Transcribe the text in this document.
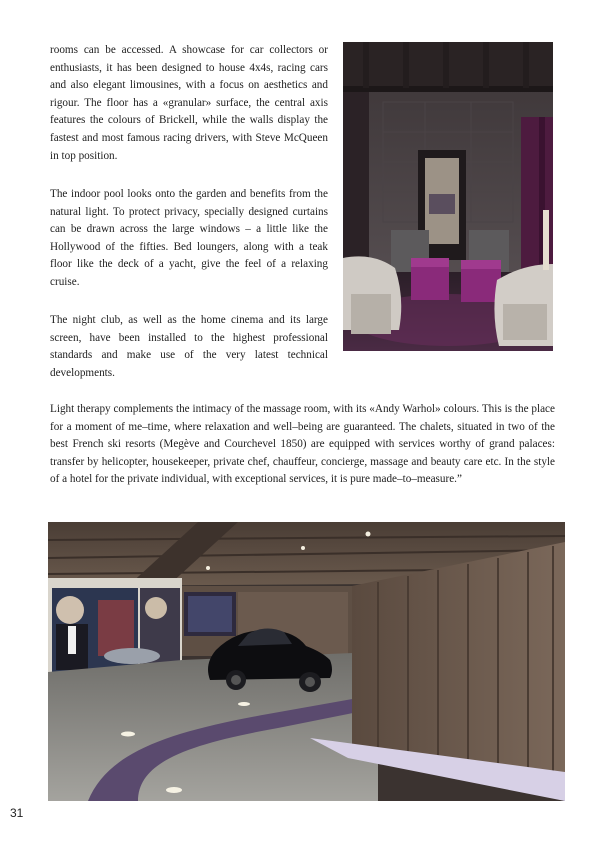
rooms can be accessed. A showcase for car collectors or enthusiasts, it has been designed to house 4x4s, racing cars and also elegant limousines, with a focus on aesthetics and rigour. The floor has a «granular» surface, the central axis features the colours of Brickell, while the walls display the fastest and most famous racing drivers, with Steve McQueen in top position.

The indoor pool looks onto the garden and benefits from the natural light. To protect privacy, specially designed curtains can be drawn across the large windows – a little like the Hollywood of the fifties. Bed loungers, along with a teak floor like the deck of a yacht, give the feel of a relaxing cruise.

The night club, as well as the home cinema and its large screen, have been installed to the highest professional standards and make use of the very latest technical developments.

Light therapy complements the intimacy of the massage room, with its «Andy Warhol» colours. This is the place for a moment of me–time, where relaxation and well–being are guaranteed. The chalets, situated in two of the best French ski resorts (Megève and Courchevel 1850) are equipped with services worthy of grand palaces: transfer by helicopter, housekeeper, private chef, chauffeur, concierge, massage and beauty care etc. In the style of a hotel for the private individual, with exceptional services, it is pure made–to–measure.”

31
